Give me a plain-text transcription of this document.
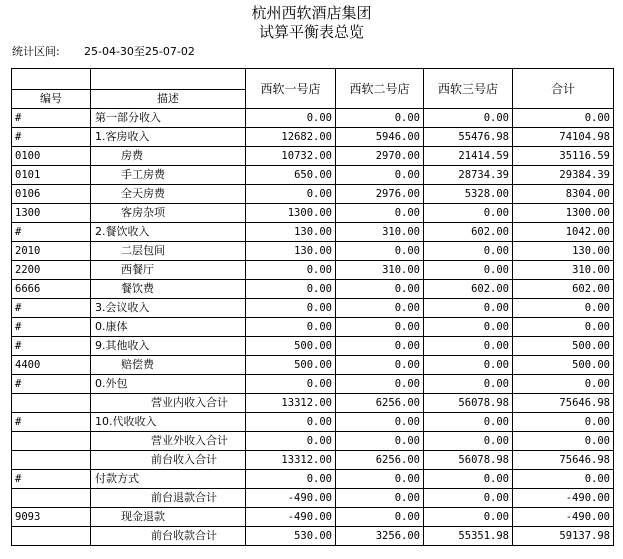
杭州西软酒店集团
试算平衡表总览
统计区间: 25-04-30至25-07-02
		西软一号店	西软二号店	西软三号店	合计
编号	描述				
#	第一部分收入	0.00	0.00	0.00	0.00
#	1.客房收入	12682.00	5946.00	55476.98	74104.98
0100	房费	10732.00	2970.00	21414.59	35116.59
0101	手工房费	650.00	0.00	28734.39	29384.39
0106	全天房费	0.00	2976.00	5328.00	8304.00
1300	客房杂项	1300.00	0.00	0.00	1300.00
#	2.餐饮收入	130.00	310.00	602.00	1042.00
2010	二层包间	130.00	0.00	0.00	130.00
2200	西餐厅	0.00	310.00	0.00	310.00
6666	餐饮费	0.00	0.00	602.00	602.00
#	3.会议收入	0.00	0.00	0.00	0.00
#	0.康体	0.00	0.00	0.00	0.00
#	9.其他收入	500.00	0.00	0.00	500.00
4400	赔偿费	500.00	0.00	0.00	500.00
#	0.外包	0.00	0.00	0.00	0.00
	营业内收入合计	13312.00	6256.00	56078.98	75646.98
#	10.代收收入	0.00	0.00	0.00	0.00
	营业外收入合计	0.00	0.00	0.00	0.00
	前台收入合计	13312.00	6256.00	56078.98	75646.98
#	付款方式	0.00	0.00	0.00	0.00
	前台退款合计	-490.00	0.00	0.00	-490.00
9093	现金退款	-490.00	0.00	0.00	-490.00
	前台收款合计	530.00	3256.00	55351.98	59137.98
